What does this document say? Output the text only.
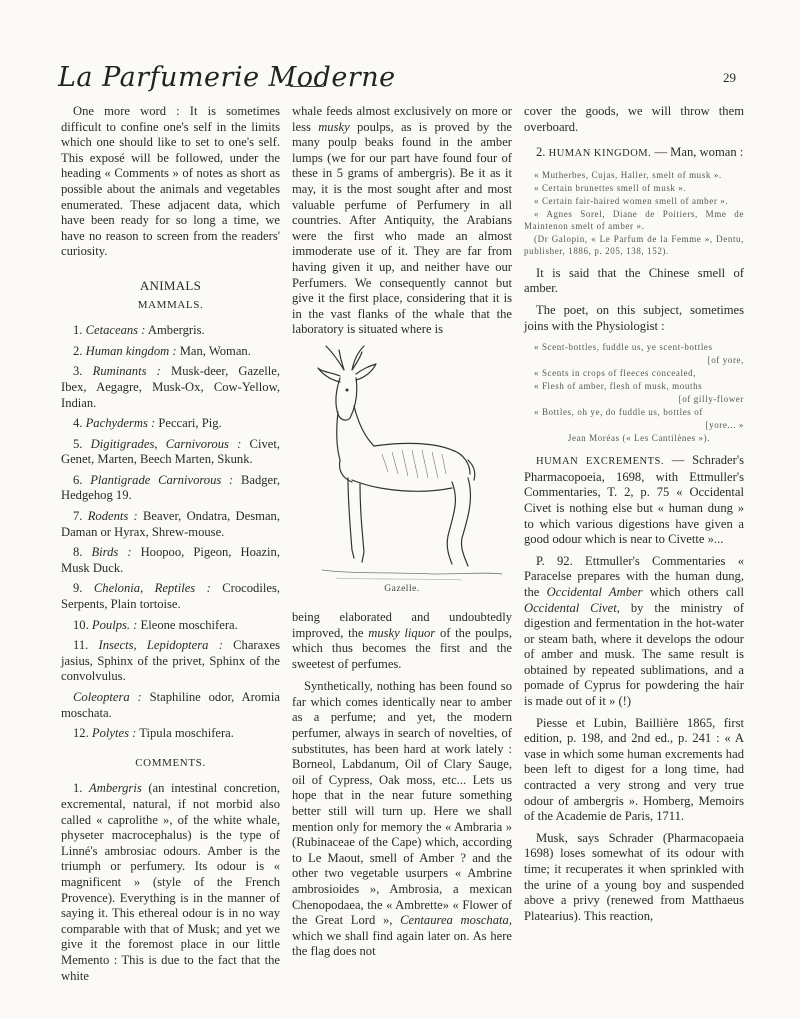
La Parfumerie Moderne	29

One more word : It is sometimes difficult to confine one's self in the limits which one should like to set to one's self. This exposé will be followed, under the heading « Comments » of notes as short as possible about the animals and vegetables enumerated. These adjacent data, which have been ready for so long a time, we have no reason to screen from the readers' curiosity.

ANIMALS
MAMMALS.

1. Cetaceans : Ambergris.

2. Human kingdom : Man, Woman.

3. Ruminants : Musk-deer, Gazelle, Ibex, Aegagre, Musk-Ox, Cow-Yellow, Indian.

4. Pachyderms : Peccari, Pig.

5. Digitigrades, Carnivorous : Civet, Genet, Marten, Beech Marten, Skunk.

6. Plantigrade Carnivorous : Badger, Hedgehog 19.

7. Rodents : Beaver, Ondatra, Desman, Daman or Hyrax, Shrew-mouse.

8. Birds : Hoopoo, Pigeon, Hoazin, Musk Duck.

9. Chelonia, Reptiles : Crocodiles, Serpents, Plain tortoise.

10. Poulps. : Eleone moschifera.

11. Insects, Lepidoptera : Charaxes jasius, Sphinx of the privet, Sphinx of the convolvulus.

Coleoptera : Staphiline odor, Aromia moschata.

12. Polytes : Tipula moschifera.

COMMENTS.

1. Ambergris (an intestinal concretion, excremental, natural, if not morbid also called « caprolithe », of the white whale, physeter macrocephalus) is the type of Linné's ambrosiac odours. Amber is the triumph or perfumery. Its odour is « magnificent » (style of the French Provence). Everything is in the manner of saying it. This ethereal odour is in no way comparable with that of Musk; and yet we give it the foremost place in our little Memento : This is due to the fact that the white

whale feeds almost exclusively on more or less musky poulps, as is proved by the many poulp beaks found in the amber lumps (we for our part have found four of these in 5 grams of ambergris). Be it as it may, it is the most sought after and most valuable perfume of Perfumery in all countries. After Antiquity, the Arabians were the first who made an almost immoderate use of it. They are far from having given it up, and neither have our Perfumers. We consequently cannot but give it the first place, considering that it is in the vast flanks of the whale that the laboratory is situated where is

Gazelle.

being elaborated and undoubtedly improved, the musky liquor of the poulps, which thus becomes the first and the sweetest of perfumes.

Synthetically, nothing has been found so far which comes identically near to amber as a perfume; and yet, the modern perfumer, always in search of novelties, of substitutes, has been hard at work lately : Borneol, Labdanum, Oil of Clary Sauge, oil of Cypress, Oak moss, etc... Lets us hope that in the near future something better still will turn up. Here we shall mention only for memory the « Ambraria » (Rubinaceae of the Cape) which, according to Le Maout, smell of Amber ? and the other two vegetable usurpers « Ambrine ambrosioides », Ambrosia, a mexican Chenopodaea, the « Ambrette» « Flower of the Great Lord », Centaurea moschata, which we shall find again later on. As here the flag does not

cover the goods, we will throw them overboard.

2. HUMAN KINGDOM. — Man, woman :

« Mutherbes, Cujas, Haller, smelt of musk ».

« Certain brunettes smell of musk ».

« Certain fair-haired women smell of amber ».

« Agnes Sorel, Diane de Poitiers, Mme de Maintenon smelt of amber ».

(Dr Galopin, « Le Parfum de la Femme », Dentu, publisher, 1886, p. 205, 138, 152).

It is said that the Chinese smell of amber.

The poet, on this subject, sometimes joins with the Physiologist :

« Scent-bottles, fuddle us, ye scent-bottles

[of yore,

« Scents in crops of fleeces concealed,

« Flesh of amber, flesh of musk, mouths

[of gilly-flower

« Bottles, oh ye, do fuddle us, bottles of

[yore... »

Jean Moréas (« Les Cantilènes »).

HUMAN EXCREMENTS. — Schrader's Pharmacopoeia, 1698, with Ettmuller's Commentaries, T. 2, p. 75 « Occidental Civet is nothing else but « human dung » to which various digestions have given a good odour which is near to Civette »...

P. 92. Ettmuller's Commentaries « Paracelse prepares with the human dung, the Occidental Amber which others call Occidental Civet, by the ministry of digestion and fermentation in the hot-water or steam bath, where it develops the odour of amber and musk. The same result is obtained by repeated sublimations, and a pomade of Cyprus for powdering the hair is made out of it » (!)

Piesse et Lubin, Baillière 1865, first edition, p. 198, and 2nd ed., p. 241 : « A vase in which some human excrements had been left to digest for a long time, had contracted a very strong and very true odour of ambergris ». Homberg, Memoirs of the Academie de Paris, 1711.

Musk, says Schrader (Pharmacopaeia 1698) loses somewhat of its odour with time; it recuperates it when sprinkled with the urine of a young boy and suspended above a privy (renewed from Matthaeus Platearius). This reaction,
